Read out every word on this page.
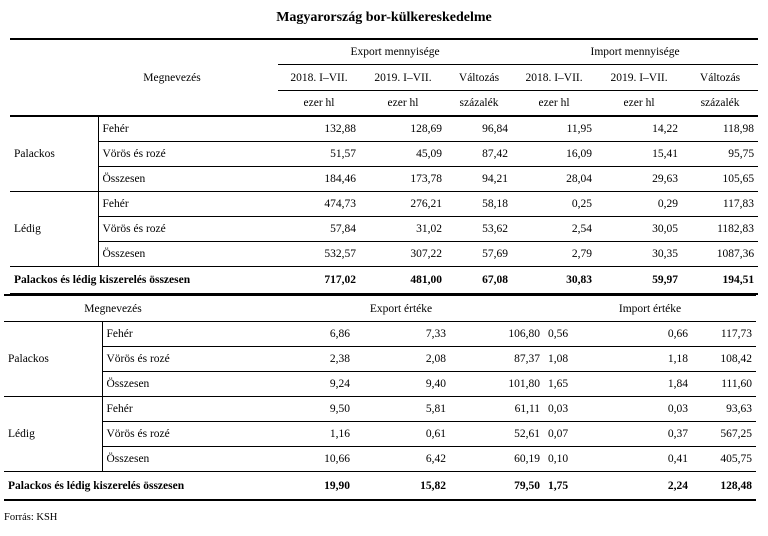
Magyarország bor-külkereskedelme
		Export mennyisége			Import mennyisége		
Megnevezés		2018. I–VII.	2019. I–VII.	Változás	2018. I–VII.	2019. I–VII.	Változás
		ezer hl	ezer hl	százalék	ezer hl	ezer hl	százalék
Palackos	Fehér	132,88	128,69	96,84	11,95	14,22	118,98
	Vörös és rozé	51,57	45,09	87,42	16,09	15,41	95,75
	Összesen	184,46	173,78	94,21	28,04	29,63	105,65
Lédig	Fehér	474,73	276,21	58,18	0,25	0,29	117,83
	Vörös és rozé	57,84	31,02	53,62	2,54	30,05	1182,83
	Összesen	532,57	307,22	57,69	2,79	30,35	1087,36
Palackos és lédig kiszerelés összesen		717,02	481,00	67,08	30,83	59,97	194,51
Megnevezés		Export értéke			Import értéke		
Palackos	Fehér	6,86	7,33	106,80	0,56	0,66	117,73
	Vörös és rozé	2,38	2,08	87,37	1,08	1,18	108,42
	Összesen	9,24	9,40	101,80	1,65	1,84	111,60
Lédig	Fehér	9,50	5,81	61,11	0,03	0,03	93,63
	Vörös és rozé	1,16	0,61	52,61	0,07	0,37	567,25
	Összesen	10,66	6,42	60,19	0,10	0,41	405,75
Palackos és lédig kiszerelés összesen		19,90	15,82	79,50	1,75	2,24	128,48
Forrás: KSH
